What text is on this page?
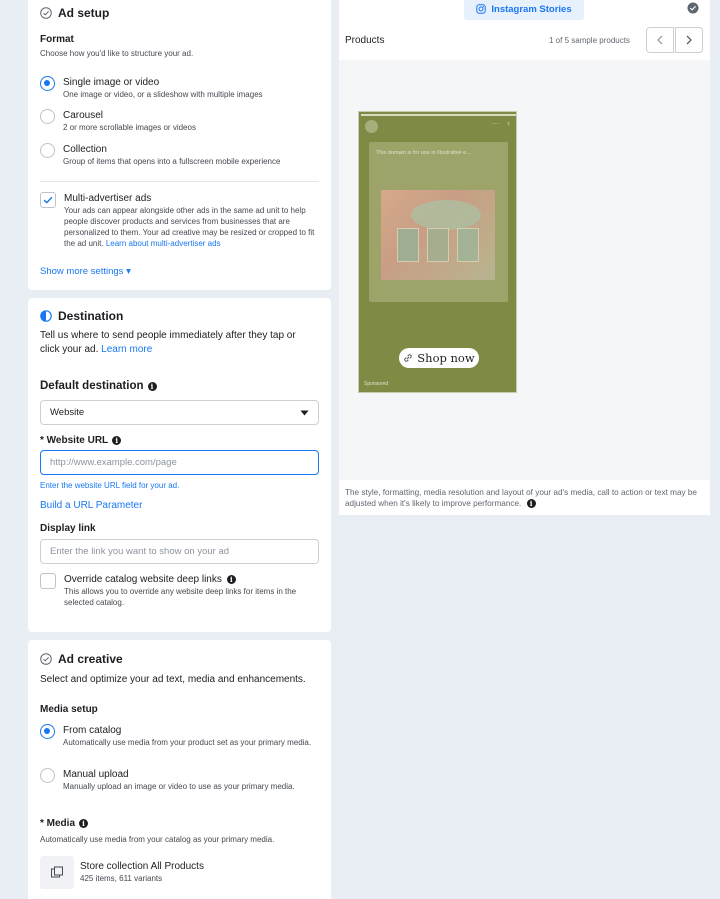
Ad setup
Format
Choose how you'd like to structure your ad.
Single image or video
One image or video, or a slideshow with multiple images
Carousel
2 or more scrollable images or videos
Collection
Group of items that opens into a fullscreen mobile experience
Multi-advertiser ads
Your ads can appear alongside other ads in the same ad unit to help people discover products and services from businesses that are personalized to them. Your ad creative may be resized or cropped to fit the ad unit. Learn about multi-advertiser ads
Show more settings ▾
Destination
Tell us where to send people immediately after they tap or click your ad. Learn more
Default destination	i
Website
* Website URL	i
http://www.example.com/page
Enter the website URL field for your ad.
Build a URL Parameter
Display link
Enter the link you want to show on your ad
Override catalog website deep links	i
This allows you to override any website deep links for items in the selected catalog.
Ad creative
Select and optimize your ad text, media and enhancements.
Media setup
From catalog
Automatically use media from your product set as your primary media.
Manual upload
Manually upload an image or video to use as your primary media.
* Media	i
Automatically use media from your catalog as your primary media.
Store collection All Products
425 items, 611 variants
Instagram Stories
Products	1 of 5 sample products
··· ‹
This domain is for use in illustrative e...
Shop now
Sponsored
The style, formatting, media resolution and layout of your ad's media, call to action or text may be adjusted when it's likely to improve performance. i
